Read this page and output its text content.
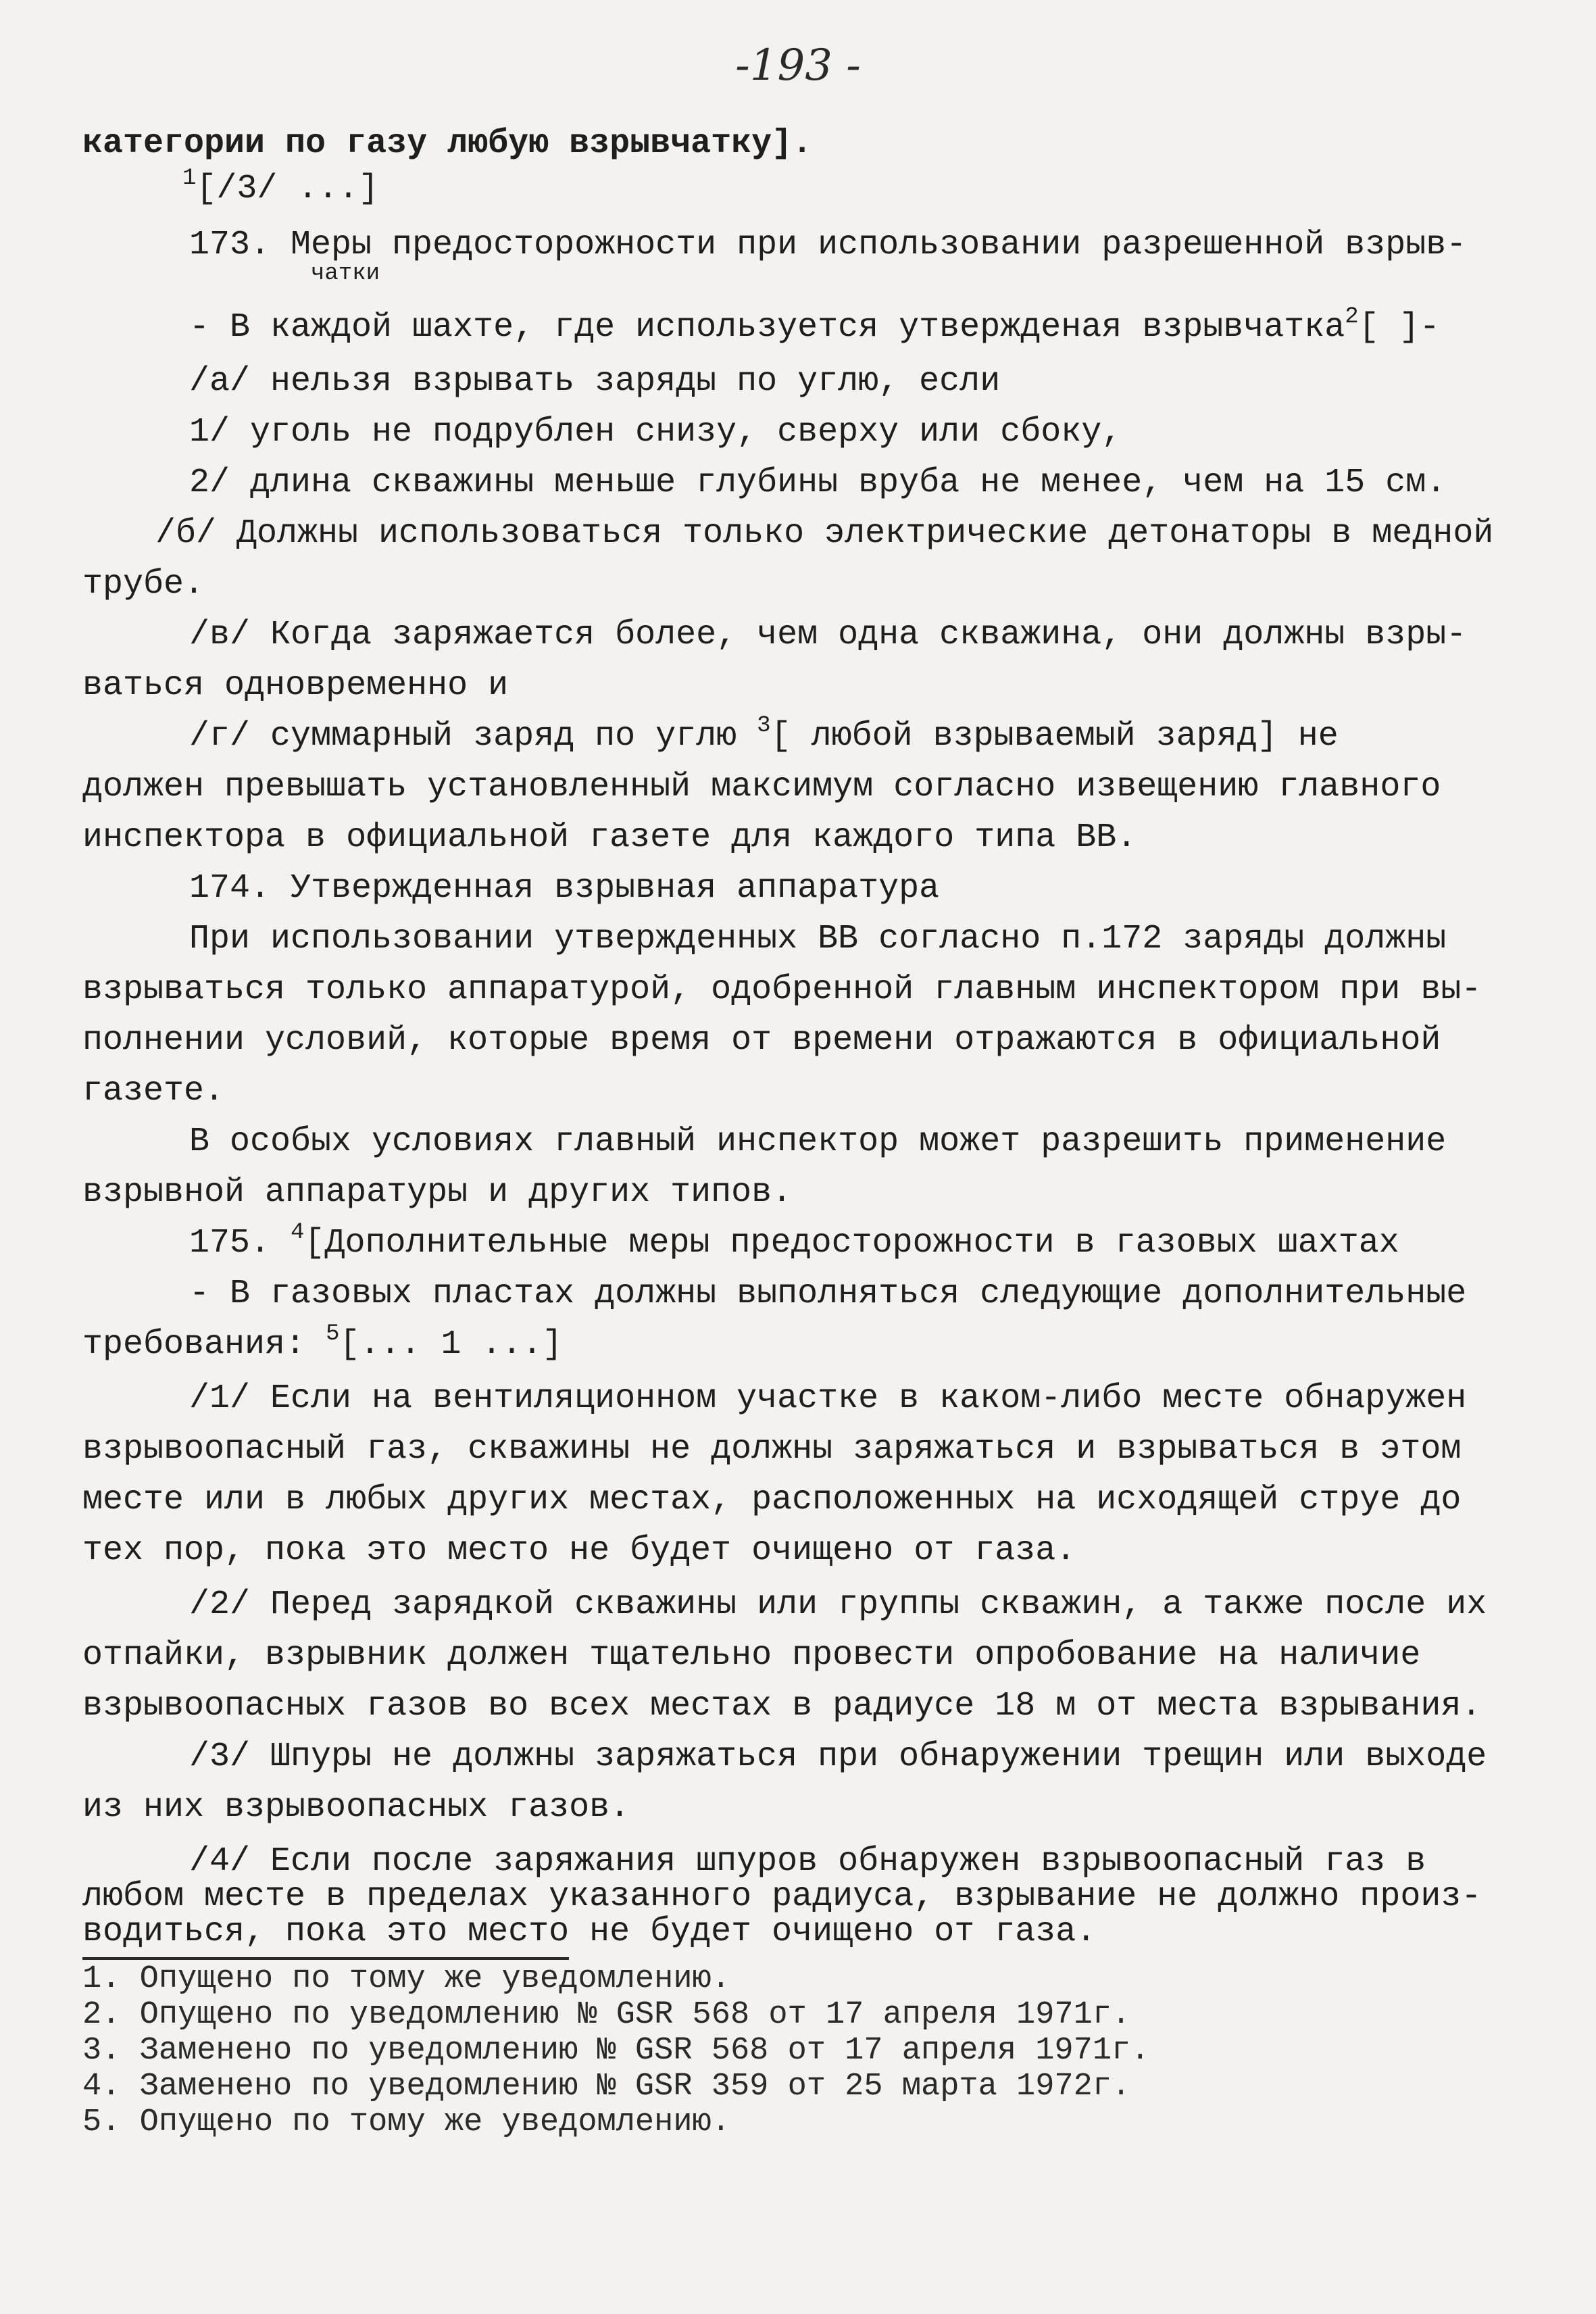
-193 -
категории по газу любую взрывчатку].
$^1$[/3/ ...]
173. Меры предосторожности при использовании разрешенной взрыв-
чатки
- В каждой шахте, где используется утвержденая взрывчатка$^2$[ ]-
/а/ нельзя взрывать заряды по углю, если
1/ уголь не подрублен снизу, сверху или сбоку,
2/ длина скважины меньше глубины вруба не менее, чем на 15 см.
/б/ Должны использоваться только электрические детонаторы в медной
трубе.
/в/ Когда заряжается более, чем одна скважина, они должны взры-
ваться одновременно и
/г/ суммарный заряд по углю $^3$[ любой взрываемый заряд] не
должен превышать установленный максимум согласно извещению главного
инспектора в официальной газете для каждого типа ВВ.
174. Утвержденная взрывная аппаратура
При использовании утвержденных ВВ согласно п.172 заряды должны
взрываться только аппаратурой, одобренной главным инспектором при вы-
полнении условий, которые время от времени отражаются в официальной
газете.
В особых условиях главный инспектор может разрешить применение
взрывной аппаратуры и других типов.
175. $^4$[Дополнительные меры предосторожности в газовых шахтах
- В газовых пластах должны выполняться следующие дополнительные
требования: $^5$[... 1 ...]
/1/ Если на вентиляционном участке в каком-либо месте обнаружен
взрывоопасный газ, скважины не должны заряжаться и взрываться в этом
месте или в любых других местах, расположенных на исходящей струе до
тех пор, пока это место не будет очищено от газа.
/2/ Перед зарядкой скважины или группы скважин, а также после их
отпайки, взрывник должен тщательно провести опробование на наличие
взрывоопасных газов во всех местах в радиусе 18 м от места взрывания.
/3/ Шпуры не должны заряжаться при обнаружении трещин или выходе
из них взрывоопасных газов.
/4/ Если после заряжания шпуров обнаружен взрывоопасный газ в
любом месте в пределах указанного радиуса, взрывание не должно произ-
водиться, пока это место не будет очищено от газа.
1. Опущено по тому же уведомлению.
2. Опущено по уведомлению № GSR 568 от 17 апреля 1971г.
3. Заменено по уведомлению № GSR 568 от 17 апреля 1971г.
4. Заменено по уведомлению № GSR 359 от 25 марта 1972г.
5. Опущено по тому же уведомлению.
